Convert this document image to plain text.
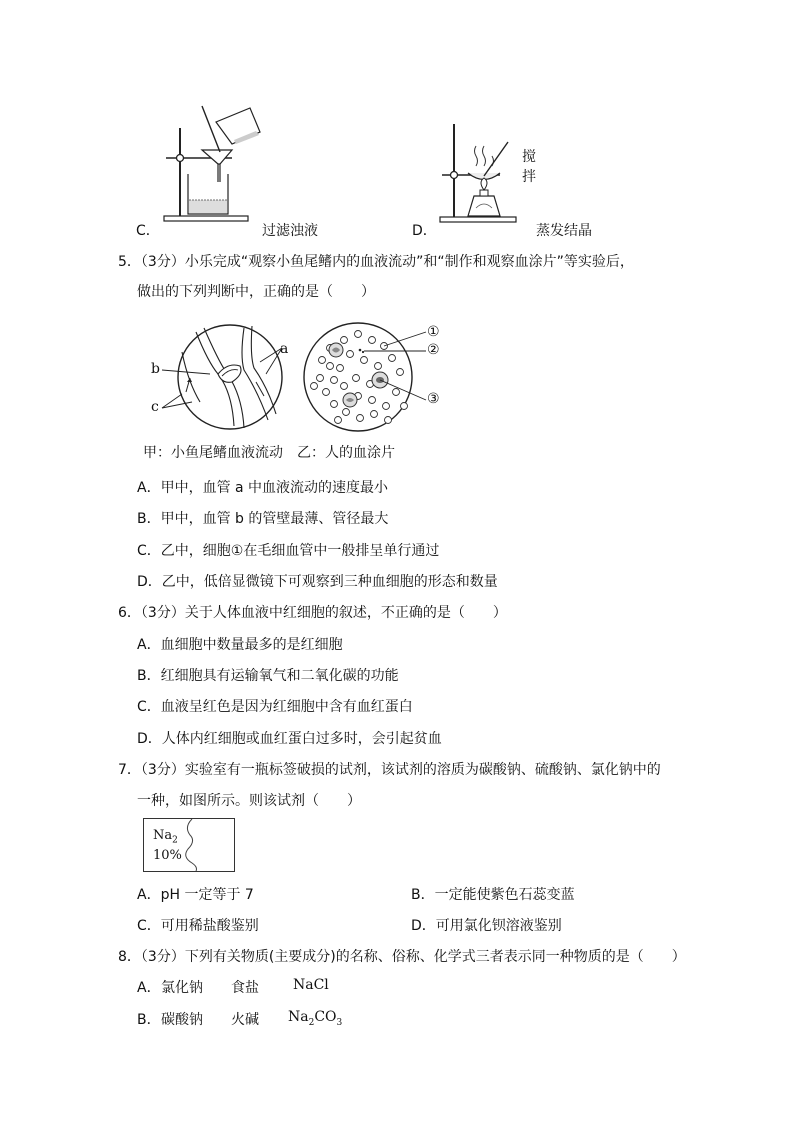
C．	过滤浊液
搅
拌
D．	蒸发结晶
5．（3分）小乐完成“观察小鱼尾鳍内的血液流动”和“制作和观察血涂片”等实验后，
做出的下列判断中，正确的是（　　）
a
b
c
①
②
③
甲：小鱼尾鳍血液流动　乙：人的血涂片
A．甲中，血管 a 中血液流动的速度最小
B．甲中，血管 b 的管壁最薄、管径最大
C．乙中，细胞①在毛细血管中一般排呈单行通过
D．乙中，低倍显微镜下可观察到三种血细胞的形态和数量
6．（3分）关于人体血液中红细胞的叙述，不正确的是（　　）
A．血细胞中数量最多的是红细胞
B．红细胞具有运输氧气和二氧化碳的功能
C．血液呈红色是因为红细胞中含有血红蛋白
D．人体内红细胞或血红蛋白过多时，会引起贫血
7．（3分）实验室有一瓶标签破损的试剂，该试剂的溶质为碳酸钠、硫酸钠、氯化钠中的
一种，如图所示。则该试剂（　　）
$Na_2$
10%
A．pH 一定等于 7	B．一定能使紫色石蕊变蓝
C．可用稀盐酸鉴别	D．可用氯化钡溶液鉴别
8．（3分）下列有关物质(主要成分)的名称、俗称、化学式三者表示同一种物质的是（　　）
A． 氯化钠 食盐 NaCl
B． 碳酸钠 火碱 $Na_2CO_3$
